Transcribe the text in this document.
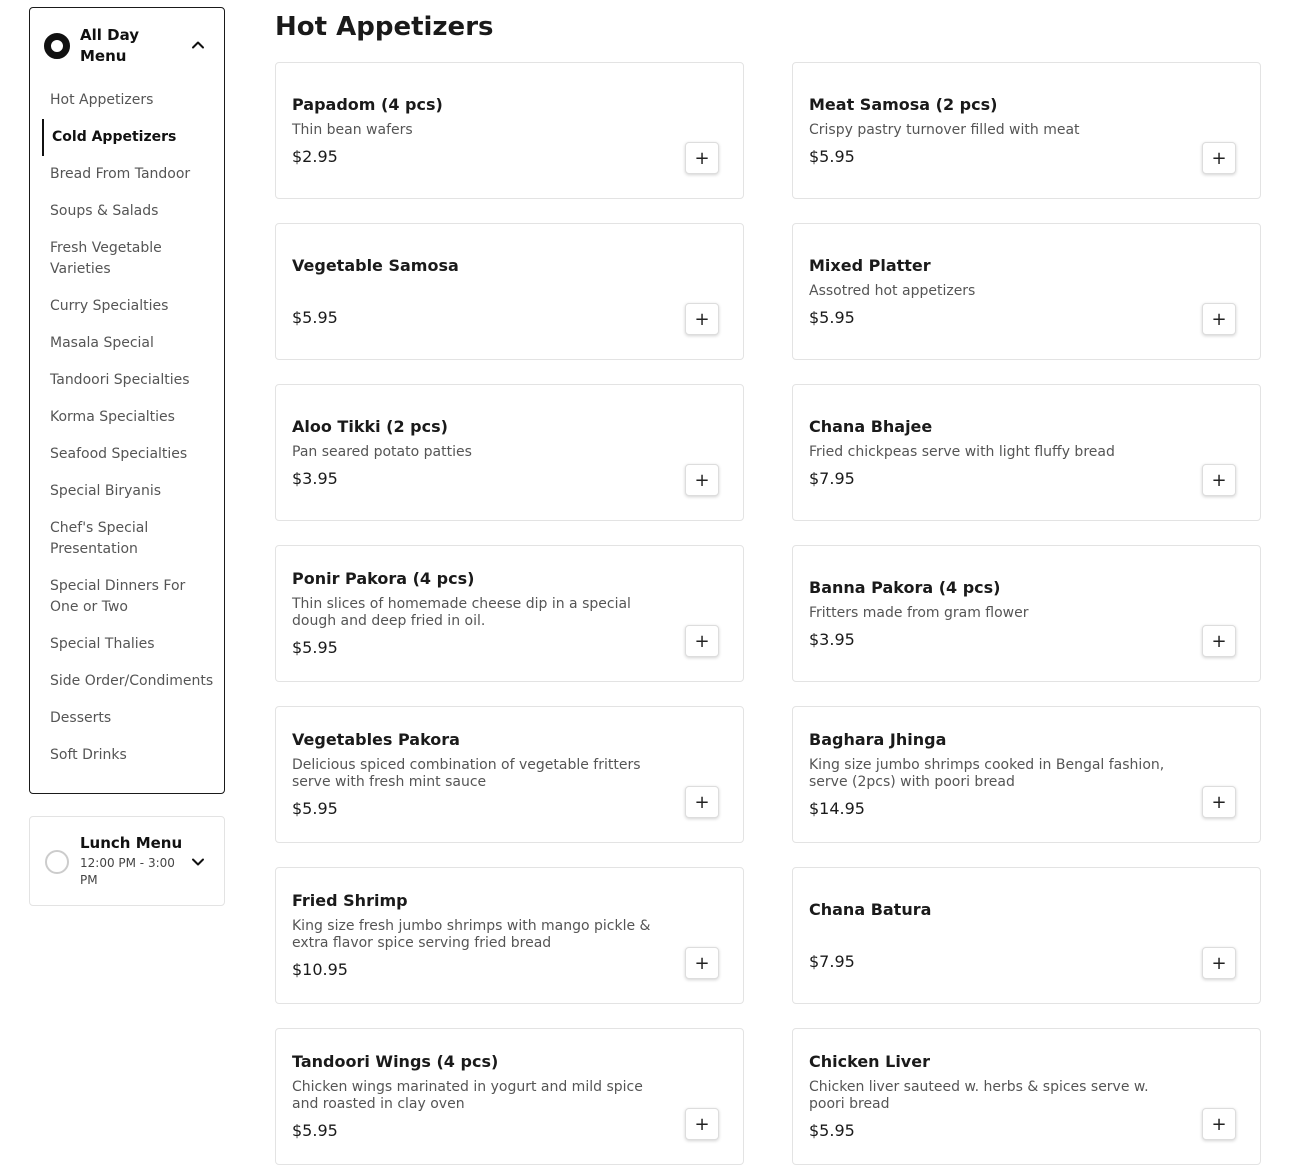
All Day Menu
Hot Appetizers
Cold Appetizers
Bread From Tandoor
Soups & Salads
Fresh Vegetable Varieties
Curry Specialties
Masala Special
Tandoori Specialties
Korma Specialties
Seafood Specialties
Special Biryanis
Chef's Special Presentation
Special Dinners For One or Two
Special Thalies
Side Order/Condiments
Desserts
Soft Drinks
Lunch Menu
12:00 PM - 3:00 PM
Hot Appetizers
Papadom (4 pcs)
Thin bean wafers
$2.95	+
Meat Samosa (2 pcs)
Crispy pastry turnover filled with meat
$5.95	+
Vegetable Samosa
$5.95	+
Mixed Platter
Assotred hot appetizers
$5.95	+
Aloo Tikki (2 pcs)
Pan seared potato patties
$3.95	+
Chana Bhajee
Fried chickpeas serve with light fluffy bread
$7.95	+
Ponir Pakora (4 pcs)
Thin slices of homemade cheese dip in a special dough and deep fried in oil.
$5.95	+
Banna Pakora (4 pcs)
Fritters made from gram flower
$3.95	+
Vegetables Pakora
Delicious spiced combination of vegetable fritters serve with fresh mint sauce
$5.95	+
Baghara Jhinga
King size jumbo shrimps cooked in Bengal fashion, serve (2pcs) with poori bread
$14.95	+
Fried Shrimp
King size fresh jumbo shrimps with mango pickle & extra flavor spice serving fried bread
$10.95	+
Chana Batura
$7.95	+
Tandoori Wings (4 pcs)
Chicken wings marinated in yogurt and mild spice and roasted in clay oven
$5.95	+
Chicken Liver
Chicken liver sauteed w. herbs & spices serve w. poori bread
$5.95	+
